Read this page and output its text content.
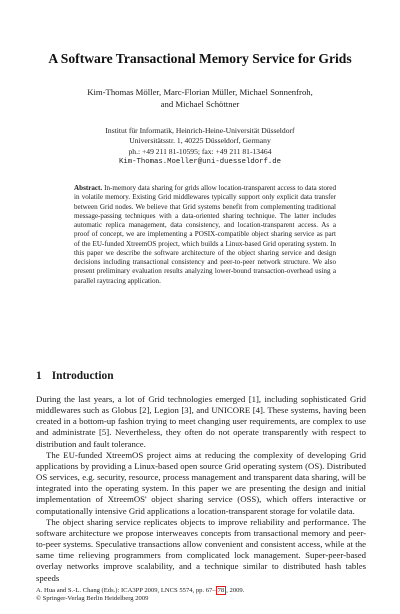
A Software Transactional Memory Service for Grids
Kim-Thomas Möller, Marc-Florian Müller, Michael Sonnenfroh,
and Michael Schöttner
Institut für Informatik, Heinrich-Heine-Universität Düsseldorf
Universitätsstr. 1, 40225 Düsseldorf, Germany
ph.: +49 211 81-10595; fax: +49 211 81-13464
Kim-Thomas.Moeller@uni-duesseldorf.de
Abstract. In-memory data sharing for grids allow location-transparent access to data stored in volatile memory. Existing Grid middlewares typically support only explicit data transfer between Grid nodes. We believe that Grid systems benefit from complementing traditional message-passing techniques with a data-oriented sharing technique. The latter includes automatic replica management, data consistency, and location-transparent access. As a proof of concept, we are implementing a POSIX-compatible object sharing service as part of the EU-funded XtreemOS project, which builds a Linux-based Grid operating system. In this paper we describe the software architecture of the object sharing service and design decisions including transactional consistency and peer-to-peer network structure. We also present preliminary evaluation results analyzing lower-bound transaction-overhead using a parallel raytracing application.
1 Introduction

During the last years, a lot of Grid technologies emerged [1], including sophisticated Grid middlewares such as Globus [2], Legion [3], and UNICORE [4]. These systems, having been created in a bottom-up fashion trying to meet changing user requirements, are complex to use and administrate [5]. Nevertheless, they often do not operate transparently with respect to distribution and fault tolerance.

The EU-funded XtreemOS project aims at reducing the complexity of developing Grid applications by providing a Linux-based open source Grid operating system (OS). Distributed OS services, e.g. security, resource, process management and transparent data sharing, will be integrated into the operating system. In this paper we are presenting the design and initial implementation of XtreemOS' object sharing service (OSS), which offers interactive or computationally intensive Grid applications a location-transparent storage for volatile data.

The object sharing service replicates objects to improve reliability and performance. The software architecture we propose interweaves concepts from transactional memory and peer-to-peer systems. Speculative transactions allow convenient and consistent access, while at the same time relieving programmers from complicated lock management. Super-peer-based overlay networks improve scalability, and a technique similar to distributed hash tables speeds

A. Hua and S.-L. Chang (Eds.): ICA3PP 2009, LNCS 5574, pp. 67– 78 , 2009.
© Springer-Verlag Berlin Heidelberg 2009
